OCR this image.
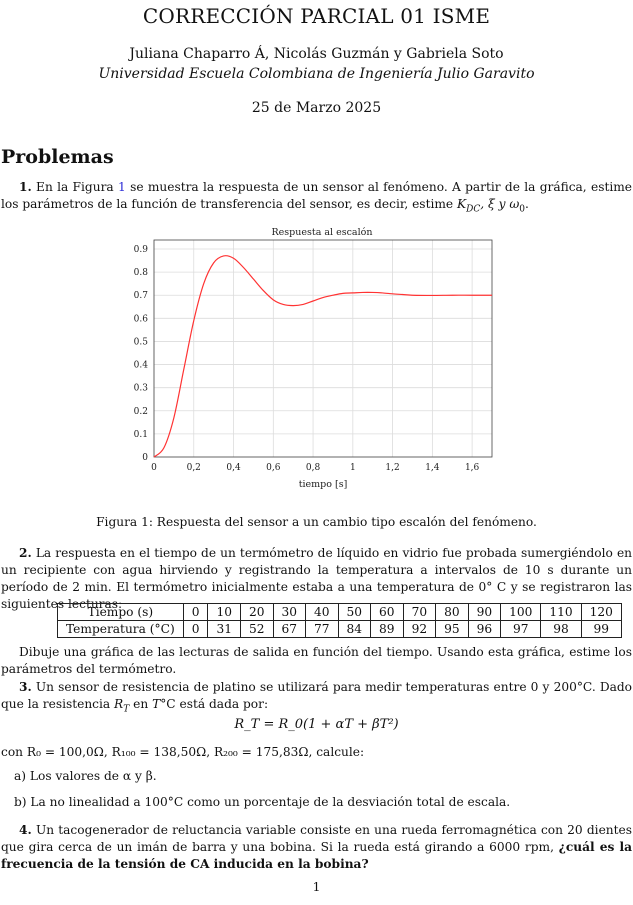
CORRECCIÓN PARCIAL 01 ISME
Juliana Chaparro Á, Nicolás Guzmán y Gabriela Soto
Universidad Escuela Colombiana de Ingeniería Julio Garavito
25 de Marzo 2025
Problemas
1. En la Figura 1 se muestra la respuesta de un sensor al fenómeno. A partir de la gráfica, estime los parámetros de la función de transferencia del sensor, es decir, estime $K_{DC}$, ξ y $\omega_0$.
Respuesta al escalón
0
0.1
0.2
0.3
0.4
0.5
0.6
0.7
0.8
0.9
0	0,2	0,4	0,6	0,8	1	1,2	1,4	1,6
tiempo [s]
Figura 1: Respuesta del sensor a un cambio tipo escalón del fenómeno.
2. La respuesta en el tiempo de un termómetro de líquido en vidrio fue probada sumergiéndolo en un recipiente con agua hirviendo y registrando la temperatura a intervalos de 10 s durante un período de 2 min. El termómetro inicialmente estaba a una temperatura de 0° C y se registraron las siguientes lecturas:
Tiempo (s)	0	10	20	30	40	50	60	70	80	90	100	110	120
Temperatura (°C)	0	31	52	67	77	84	89	92	95	96	97	98	99
Dibuje una gráfica de las lecturas de salida en función del tiempo. Usando esta gráfica, estime los parámetros del termómetro.
3. Un sensor de resistencia de platino se utilizará para medir temperaturas entre 0 y 200°C. Dado que la resistencia $R_T$ en T°C está dada por:
R_T = R_0(1 + αT + βT²)
con R₀ = 100,0Ω, R₁₀₀ = 138,50Ω, R₂₀₀ = 175,83Ω, calcule:
a) Los valores de α y β.
b) La no linealidad a 100°C como un porcentaje de la desviación total de escala.
4. Un tacogenerador de reluctancia variable consiste en una rueda ferromagnética con 20 dientes que gira cerca de un imán de barra y una bobina. Si la rueda está girando a 6000 rpm, ¿cuál es la frecuencia de la tensión de CA inducida en la bobina?
1
